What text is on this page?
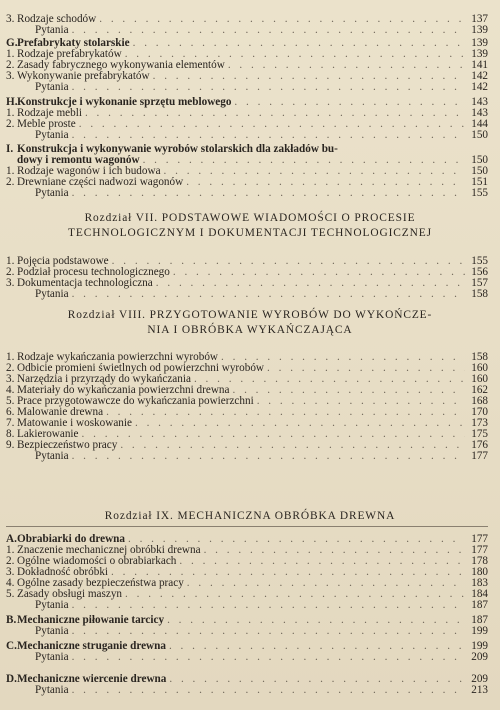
3. Rodzaje schodów . . .	137
Pytania . . .	139
G. Prefabrykaty stolarskie . . .	139
1. Rodzaje prefabrykatów . . .	139
2. Zasady fabrycznego wykonywania elementów . . .	141
3. Wykonywanie prefabrykatów . . .	142
Pytania . . .	142
H. Konstrukcje i wykonanie sprzętu meblowego . . .	143
1. Rodzaje mebli . . .	143
2. Meble proste . . .	144
Pytania . . .	150
I. Konstrukcja i wykonywanie wyrobów stolarskich dla zakładów bu-
dowy i remontu wagonów . . .	150
1. Rodzaje wagonów i ich budowa . . .	150
2. Drewniane części nadwozi wagonów . . .	151
Pytania . . .	155
Rozdział VII. PODSTAWOWE WIADOMOŚCI O PROCESIE
TECHNOLOGICZNYM I DOKUMENTACJI TECHNOLOGICZNEJ
1. Pojęcia podstawowe . . .	155
2. Podział procesu technologicznego . . .	156
3. Dokumentacja technologiczna . . .	157
Pytania . . .	158
Rozdział VIII. PRZYGOTOWANIE WYROBÓW DO WYKOŃCZE-
NIA I OBRÓBKA WYKAŃCZAJĄCA
1. Rodzaje wykańczania powierzchni wyrobów . . .	158
2. Odbicie promieni świetlnych od powierzchni wyrobów . . .	160
3. Narzędzia i przyrządy do wykańczania . . .	160
4. Materiały do wykańczania powierzchni drewna . . .	162
5. Prace przygotowawcze do wykańczania powierzchni . . .	168
6. Malowanie drewna . . .	170
7. Matowanie i woskowanie . . .	173
8. Lakierowanie . . .	175
9. Bezpieczeństwo pracy . . .	176
Pytania . . .	177
Rozdział IX. MECHANICZNA OBRÓBKA DREWNA
A. Obrabiarki do drewna . . .	177
1. Znaczenie mechanicznej obróbki drewna . . .	177
2. Ogólne wiadomości o obrabiarkach . . .	178
3. Dokładność obróbki . . .	180
4. Ogólne zasady bezpieczeństwa pracy . . .	183
5. Zasady obsługi maszyn . . .	184
Pytania . . .	187
B. Mechaniczne piłowanie tarcicy . . .	187
Pytania . . .	199
C. Mechaniczne struganie drewna . . .	199
Pytania . . .	209
D. Mechaniczne wiercenie drewna . . .	209
Pytania . . .	213
